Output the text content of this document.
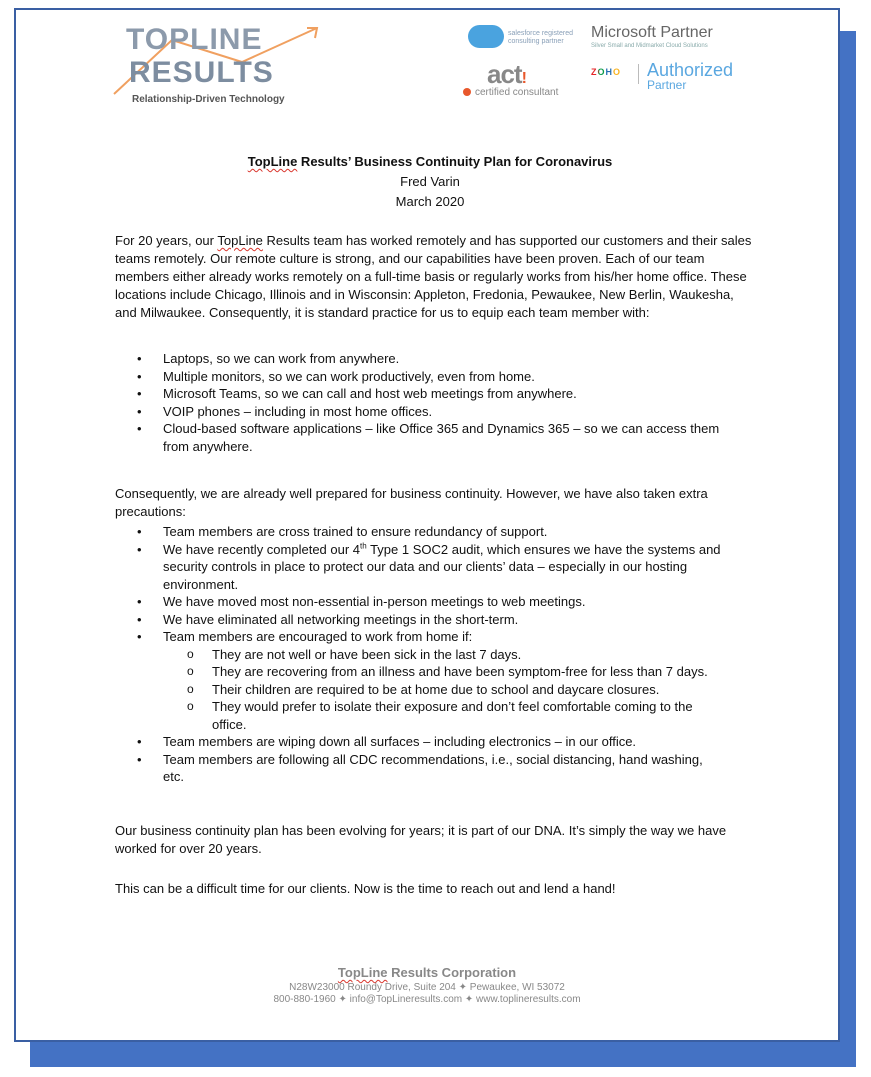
TOPLINE
RESULTS
Relationship-Driven Technology
salesforce registered consulting partner
act!
certified consultant
Microsoft Partner
Silver Small and Midmarket Cloud Solutions
ZOHO Authorized
Partner
TopLine Results’ Business Continuity Plan for Coronavirus
Fred Varin
March 2020

For 20 years, our TopLine Results team has worked remotely and has supported our customers and their sales teams remotely. Our remote culture is strong, and our capabilities have been proven. Each of our team members either already works remotely on a full-time basis or regularly works from his/her home office. These locations include Chicago, Illinois and in Wisconsin: Appleton, Fredonia, Pewaukee, New Berlin, Waukesha, and Milwaukee. Consequently, it is standard practice for us to equip each team member with:

• Laptops, so we can work from anywhere.
• Multiple monitors, so we can work productively, even from home.
• Microsoft Teams, so we can call and host web meetings from anywhere.
• VOIP phones – including in most home offices.
• Cloud-based software applications – like Office 365 and Dynamics 365 – so we can access them from anywhere.

Consequently, we are already well prepared for business continuity. However, we have also taken extra precautions:

• Team members are cross trained to ensure redundancy of support.
• We have recently completed our 4th Type 1 SOC2 audit, which ensures we have the systems and security controls in place to protect our data and our clients’ data – especially in our hosting environment.
• We have moved most non-essential in-person meetings to web meetings.
• We have eliminated all networking meetings in the short-term.
• Team members are encouraged to work from home if:
o They are not well or have been sick in the last 7 days.
o They are recovering from an illness and have been symptom-free for less than 7 days.
o Their children are required to be at home due to school and daycare closures.
o They would prefer to isolate their exposure and don’t feel comfortable coming to the office.
• Team members are wiping down all surfaces – including electronics – in our office.
• Team members are following all CDC recommendations, i.e., social distancing, hand washing, etc.

Our business continuity plan has been evolving for years; it is part of our DNA. It’s simply the way we have worked for over 20 years.

This can be a difficult time for our clients. Now is the time to reach out and lend a hand!

TopLine Results Corporation
N28W23000 Roundy Drive, Suite 204 ✦ Pewaukee, WI 53072
800-880-1960 ✦ info@TopLineresults.com ✦ www.toplineresults.com
